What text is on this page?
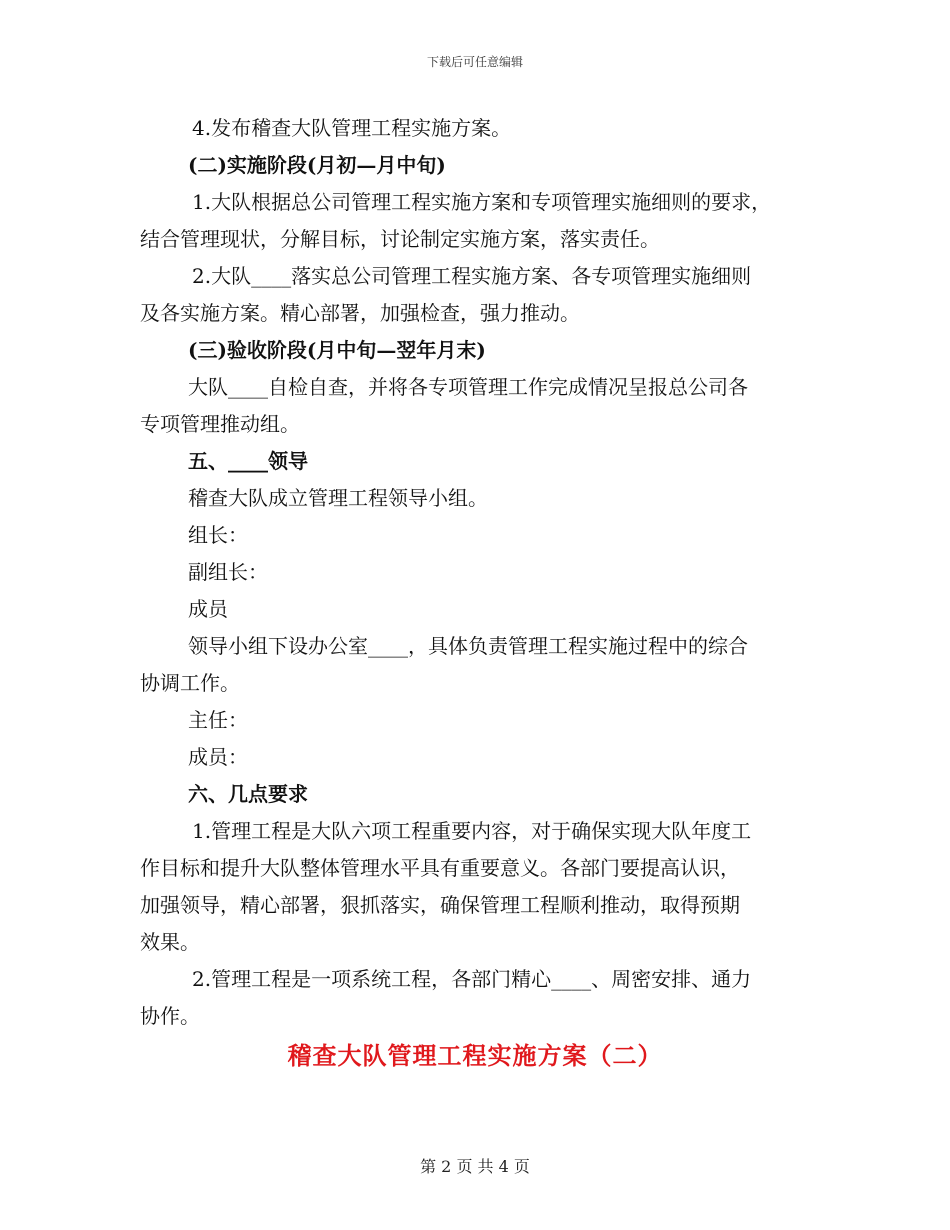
下载后可任意编辑

4.发布稽查大队管理工程实施方案。

(二)实施阶段(月初—月中旬)

1.大队根据总公司管理工程实施方案和专项管理实施细则的要求，
结合管理现状，分解目标，讨论制定实施方案，落实责任。

2.大队____落实总公司管理工程实施方案、各专项管理实施细则
及各实施方案。精心部署，加强检查，强力推动。

(三)验收阶段(月中旬—翌年月末)

大队____自检自查，并将各专项管理工作完成情况呈报总公司各
专项管理推动组。

五、____领导

稽查大队成立管理工程领导小组。

组长：

副组长：

成员

领导小组下设办公室____，具体负责管理工程实施过程中的综合
协调工作。

主任：

成员：

六、几点要求

1.管理工程是大队六项工程重要内容，对于确保实现大队年度工
作目标和提升大队整体管理水平具有重要意义。各部门要提高认识，
加强领导，精心部署，狠抓落实，确保管理工程顺利推动，取得预期
效果。

2.管理工程是一项系统工程，各部门精心____、周密安排、通力
协作。

稽查大队管理工程实施方案（二）
第 2 页 共 4 页
